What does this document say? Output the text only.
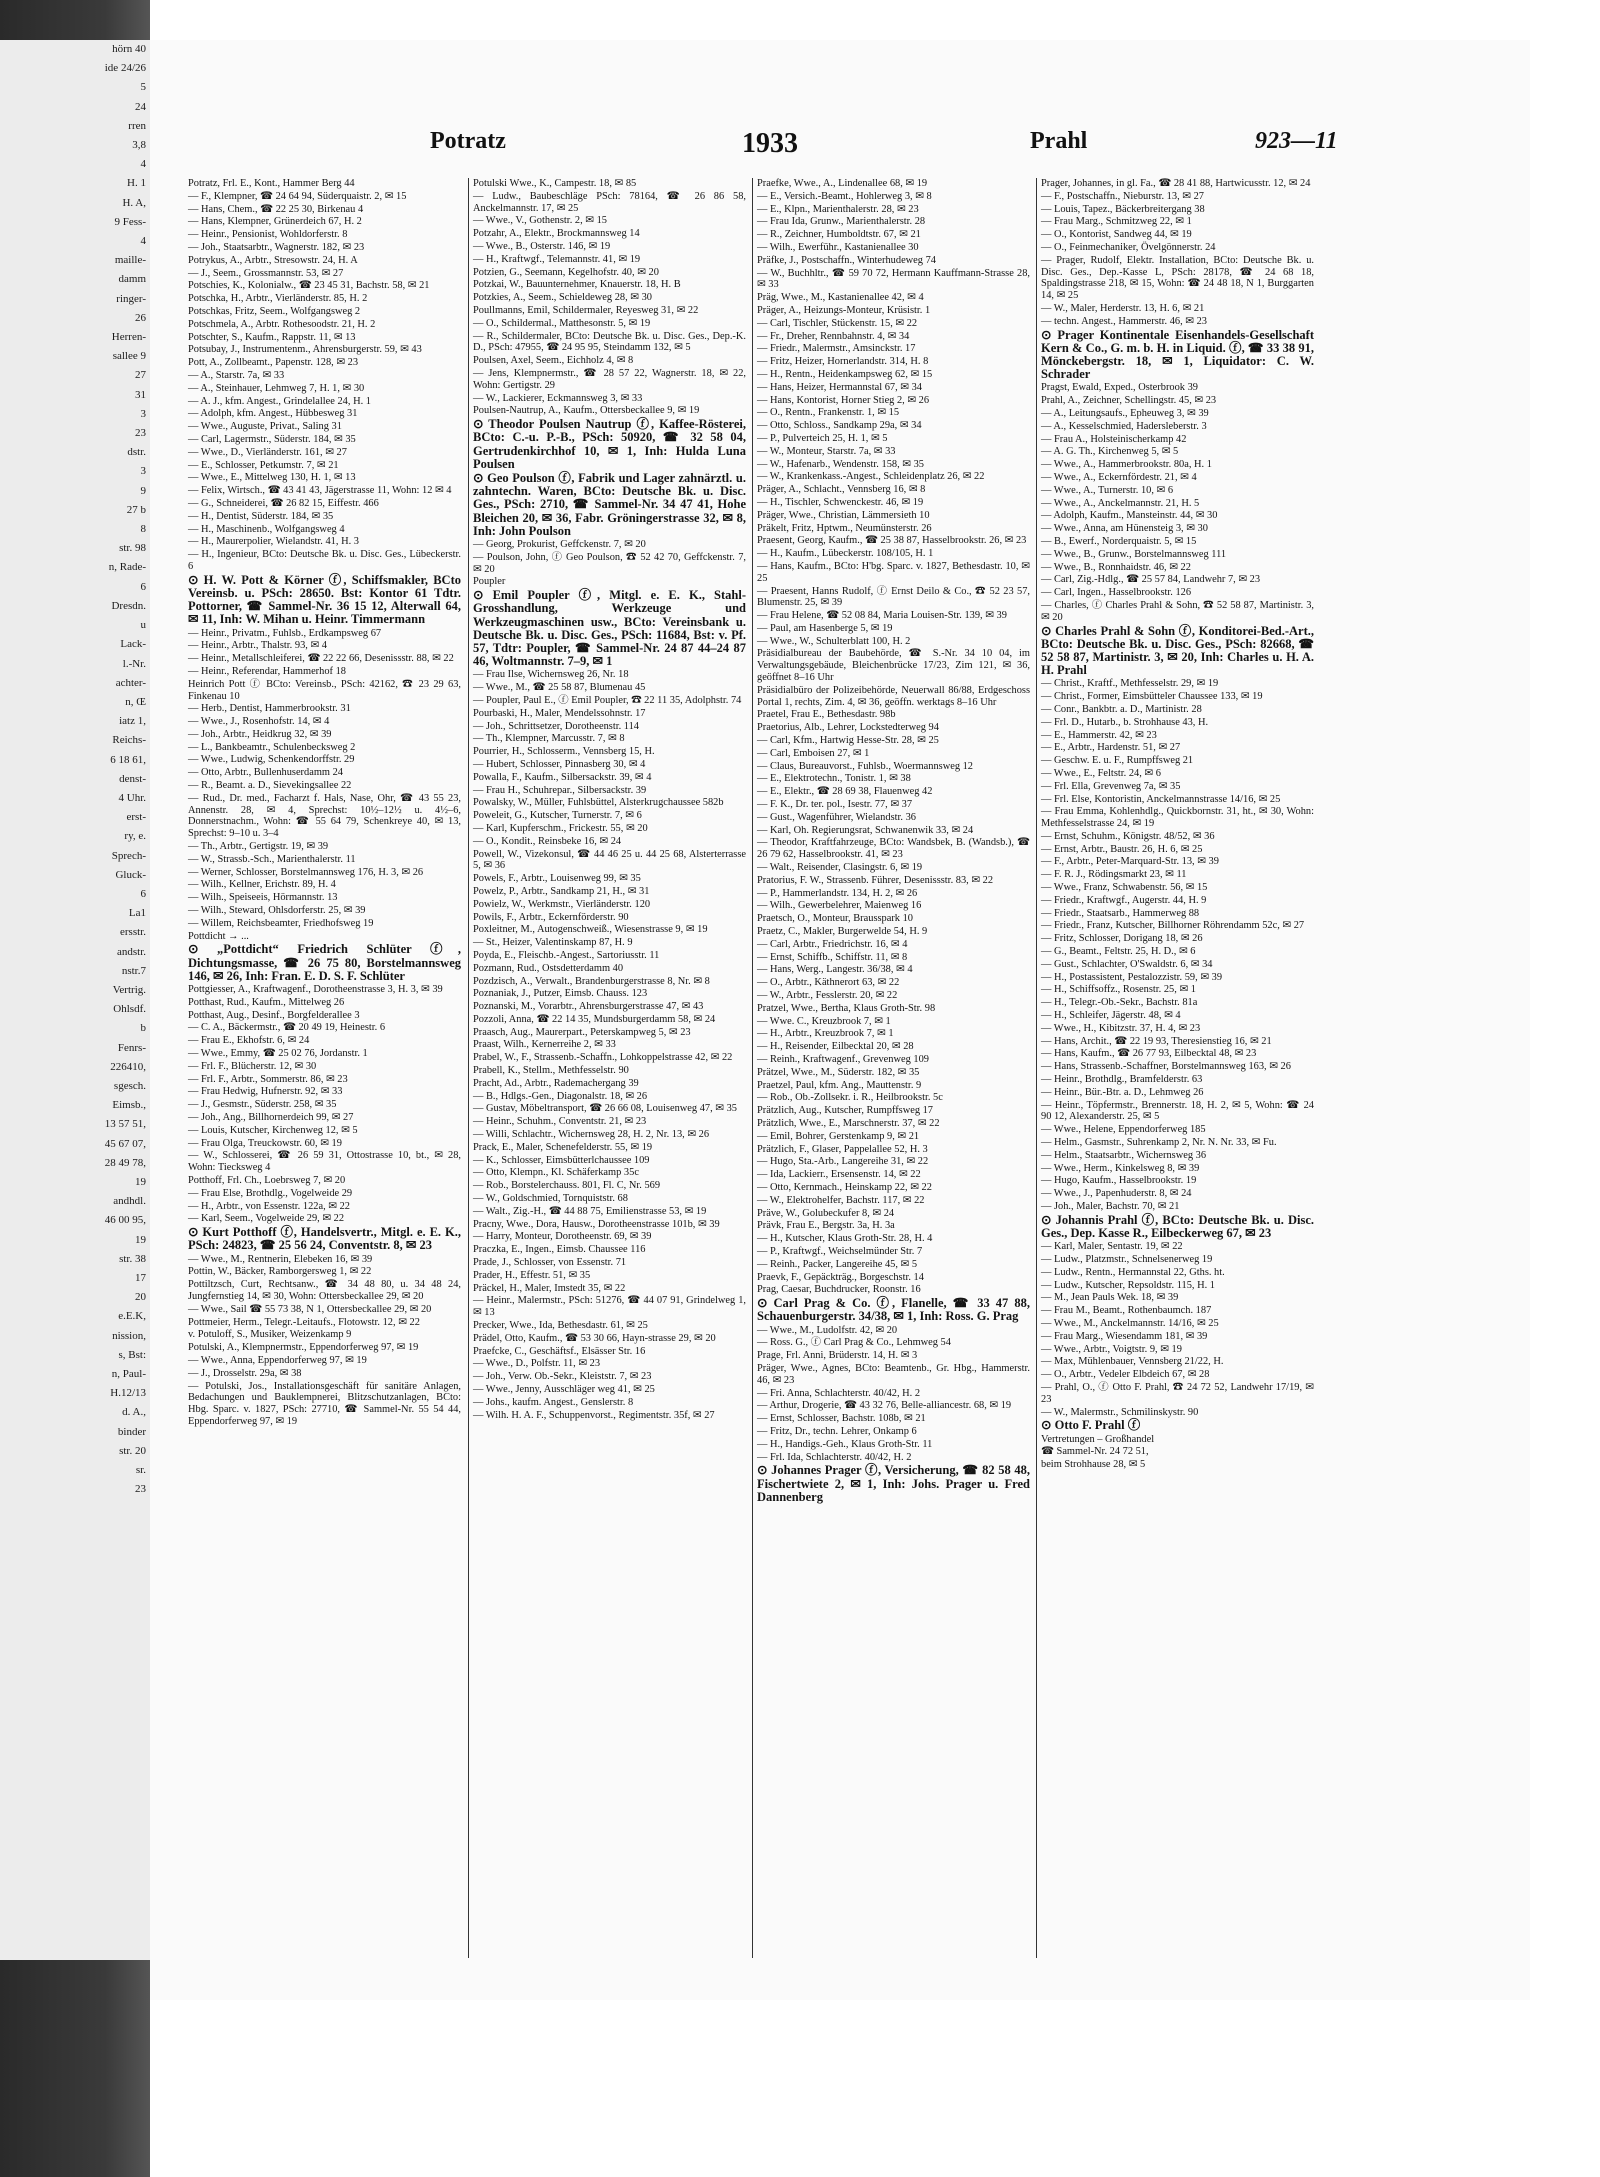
hörn 40
ide 24/26
5
24
rren
3,8
4
H. 1
H. A,
9 Fess-
4
maille-
damm
ringer-
26
Herren-
sallee 9
27
31
3
23
dstr.
3
9
27 b
8
str. 98
n, Rade-
6
Dresdn.
u
Lack-
l.-Nr.
achter-
n, Œ
iatz 1,
Reichs-
6 18 61,
denst-
4 Uhr.
erst-
ry, e.
Sprech-
Gluck-
6
La1
ersstr.
andstr.
nstr.7
Vertrig.
Ohlsdf.
b
Fenrs-
226410,
sgesch.
Eimsb.,
13 57 51,
45 67 07,
28 49 78,
19
andhdl.
46 00 95,
19
str. 38
17
20
e.E.K,
nission,
s, Bst:
n, Paul-
H.12/13
d. A.,
binder
str. 20
sr.
23
Potratz	1933	Prahl	923—11
Potratz, Frl. E., Kont., Hammer Berg 44
— F., Klempner, ☎ 24 64 94, Süderquaistr. 2, ✉ 15
— Hans, Chem., ☎ 22 25 30, Birkenau 4
— Hans, Klempner, Grünerdeich 67, H. 2
— Heinr., Pensionist, Wohldorferstr. 8
— Joh., Staatsarbtr., Wagnerstr. 182, ✉ 23
Potrykus, A., Arbtr., Stresowstr. 24, H. A
— J., Seem., Grossmannstr. 53, ✉ 27
Potschies, K., Kolonialw., ☎ 23 45 31, Bachstr. 58, ✉ 21
Potschka, H., Arbtr., Vierländerstr. 85, H. 2
Potschkas, Fritz, Seem., Wolfgangsweg 2
Potschmela, A., Arbtr. Rothesoodstr. 21, H. 2
Potschter, S., Kaufm., Rappstr. 11, ✉ 13
Potsubay, J., Instrumentenm., Ahrensburgerstr. 59, ✉ 43
Pott, A., Zollbeamt., Papenstr. 128, ✉ 23
— A., Starstr. 7a, ✉ 33
— A., Steinhauer, Lehmweg 7, H. 1, ✉ 30
— A. J., kfm. Angest., Grindelallee 24, H. 1
— Adolph, kfm. Angest., Hübbesweg 31
— Wwe., Auguste, Privat., Saling 31
— Carl, Lagermstr., Süderstr. 184, ✉ 35
— Wwe., D., Vierländerstr. 161, ✉ 27
— E., Schlosser, Petkumstr. 7, ✉ 21
— Wwe., E., Mittelweg 130, H. 1, ✉ 13
— Felix, Wirtsch., ☎ 43 41 43, Jägerstrasse 11, Wohn: 12 ✉ 4
— G., Schneiderei, ☎ 26 82 15, Eiffestr. 466
— H., Dentist, Süderstr. 184, ✉ 35
— H., Maschinenb., Wolfgangsweg 4
— H., Maurerpolier, Wielandstr. 41, H. 3
— H., Ingenieur, BCto: Deutsche Bk. u. Disc. Ges., Lübeckerstr. 6
⊙ H. W. Pott & Körner ⓕ, Schiffsmakler, BCto Vereinsb. u. PSch: 28650. Bst: Kontor 61 Tdtr. Pottorner, ☎ Sammel-Nr. 36 15 12, Alterwall 64, ✉ 11, Inh: W. Mihan u. Heinr. Timmermann
— Heinr., Privatm., Fuhlsb., Erdkampsweg 67
— Heinr., Arbtr., Thalstr. 93, ✉ 4
— Heinr., Metallschleiferei, ☎ 22 22 66, Desenissstr. 88, ✉ 22
— Heinr., Referendar, Hammerhof 18
Heinrich Pott ⓕ BCto: Vereinsb., PSch: 42162, ☎ 23 29 63, Finkenau 10
— Herb., Dentist, Hammerbrookstr. 31
— Wwe., J., Rosenhofstr. 14, ✉ 4
— Joh., Arbtr., Heidkrug 32, ✉ 39
— L., Bankbeamtr., Schulenbecksweg 2
— Wwe., Ludwig, Schenkendorffstr. 29
— Otto, Arbtr., Bullenhuserdamm 24
— R., Beamt. a. D., Sievekingsallee 22
— Rud., Dr. med., Facharzt f. Hals, Nase, Ohr, ☎ 43 55 23, Annenstr. 28, ✉ 4, Sprechst: 10½–12½ u. 4½–6, Donnerstnachm., Wohn: ☎ 55 64 79, Schenkreye 40, ✉ 13, Sprechst: 9–10 u. 3–4
— Th., Arbtr., Gertigstr. 19, ✉ 39
— W., Strassb.-Sch., Marienthalerstr. 11
— Werner, Schlosser, Borstelmannsweg 176, H. 3, ✉ 26
— Wilh., Kellner, Erichstr. 89, H. 4
— Wilh., Speiseeis, Hörmannstr. 13
— Wilh., Steward, Ohlsdorferstr. 25, ✉ 39
— Willem, Reichsbeamter, Friedhofsweg 19
Pottdicht → ...
⊙ „Pottdicht“ Friedrich Schlüter ⓕ, Dichtungsmasse, ☎ 26 75 80, Borstelmannsweg 146, ✉ 26, Inh: Fran. E. D. S. F. Schlüter
Pottgiesser, A., Kraftwagenf., Dorotheenstrasse 3, H. 3, ✉ 39
Potthast, Rud., Kaufm., Mittelweg 26
Potthast, Aug., Desinf., Borgfelderallee 3
— C. A., Bäckermstr., ☎ 20 49 19, Heinestr. 6
— Frau E., Ekhofstr. 6, ✉ 24
— Wwe., Emmy, ☎ 25 02 76, Jordanstr. 1
— Frl. F., Blücherstr. 12, ✉ 30
— Frl. F., Arbtr., Sommerstr. 86, ✉ 23
— Frau Hedwig, Hufnerstr. 92, ✉ 33
— J., Gesmstr., Süderstr. 258, ✉ 35
— Joh., Ang., Billhornerdeich 99, ✉ 27
— Louis, Kutscher, Kirchenweg 12, ✉ 5
— Frau Olga, Treuckowstr. 60, ✉ 19
— W., Schlosserei, ☎ 26 59 31, Ottostrasse 10, bt., ✉ 28, Wohn: Tiecksweg 4
Potthoff, Frl. Ch., Loebrsweg 7, ✉ 20
— Frau Else, Brothdlg., Vogelweide 29
— H., Arbtr., von Essenstr. 122a, ✉ 22
— Karl, Seem., Vogelweide 29, ✉ 22
⊙ Kurt Potthoff ⓕ, Handelsvertr., Mitgl. e. E. K., PSch: 24823, ☎ 25 56 24, Conventstr. 8, ✉ 23
— Wwe., M., Rentnerin, Elebeken 16, ✉ 39
Pottin, W., Bäcker, Ramborgersweg 1, ✉ 22
Pottiltzsch, Curt, Rechtsanw., ☎ 34 48 80, u. 34 48 24, Jungfernstieg 14, ✉ 30, Wohn: Ottersbeckallee 29, ✉ 20
— Wwe., Sail ☎ 55 73 38, N 1, Ottersbeckallee 29, ✉ 20
Pottmeier, Herm., Telegr.-Leitaufs., Flotowstr. 12, ✉ 22
v. Potuloff, S., Musiker, Weizenkamp 9
Potulski, A., Klempnermstr., Eppendorferweg 97, ✉ 19
— Wwe., Anna, Eppendorferweg 97, ✉ 19
— J., Drosselstr. 29a, ✉ 38
— Potulski, Jos., Installationsgeschäft für sanitäre Anlagen, Bedachungen und Bauklempnerei, Blitzschutzanlagen, BCto: Hbg. Sparc. v. 1827, PSch: 27710, ☎ Sammel-Nr. 55 54 44, Eppendorferweg 97, ✉ 19
Potulski Wwe., K., Campestr. 18, ✉ 85
— Ludw., Baubeschläge PSch: 78164, ☎ 26 86 58, Anckelmannstr. 17, ✉ 25
— Wwe., V., Gothenstr. 2, ✉ 15
Potzahr, A., Elektr., Brockmannsweg 14
— Wwe., B., Osterstr. 146, ✉ 19
— H., Kraftwgf., Telemannstr. 41, ✉ 19
Potzien, G., Seemann, Kegelhofstr. 40, ✉ 20
Potzkai, W., Bauunternehmer, Knauerstr. 18, H. B
Potzkies, A., Seem., Schieldeweg 28, ✉ 30
Poullmanns, Emil, Schildermaler, Reyesweg 31, ✉ 22
— O., Schildermal., Matthesonstr. 5, ✉ 19
— R., Schildermaler, BCto: Deutsche Bk. u. Disc. Ges., Dep.-K. D., PSch: 47955, ☎ 24 95 95, Steindamm 132, ✉ 5
Poulsen, Axel, Seem., Eichholz 4, ✉ 8
— Jens, Klempnermstr., ☎ 28 57 22, Wagnerstr. 18, ✉ 22, Wohn: Gertigstr. 29
— W., Lackierer, Eckmannsweg 3, ✉ 33
Poulsen-Nautrup, A., Kaufm., Ottersbeckallee 9, ✉ 19
⊙ Theodor Poulsen Nautrup ⓕ, Kaffee-Rösterei, BCto: C.-u. P.-B., PSch: 50920, ☎ 32 58 04, Gertrudenkirchhof 10, ✉ 1, Inh: Hulda Luna Poulsen
⊙ Geo Poulson ⓕ, Fabrik und Lager zahnärztl. u. zahntechn. Waren, BCto: Deutsche Bk. u. Disc. Ges., PSch: 2710, ☎ Sammel-Nr. 34 47 41, Hohe Bleichen 20, ✉ 36, Fabr. Gröningerstrasse 32, ✉ 8, Inh: John Poulson
— Georg, Prokurist, Geffckenstr. 7, ✉ 20
— Poulson, John, ⓕ Geo Poulson, ☎ 52 42 70, Geffckenstr. 7, ✉ 20
Poupler
⊙ Emil Poupler ⓕ, Mitgl. e. E. K., Stahl-Grosshandlung, Werkzeuge und Werkzeugmaschinen usw., BCto: Vereinsbank u. Deutsche Bk. u. Disc. Ges., PSch: 11684, Bst: v. Pf. 57, Tdtr: Poupler, ☎ Sammel-Nr. 24 87 44–24 87 46, Woltmannstr. 7–9, ✉ 1
— Frau Ilse, Wichernsweg 26, Nr. 18
— Wwe., M., ☎ 25 58 87, Blumenau 45
— Poupler, Paul E., ⓕ Emil Poupler, ☎ 22 11 35, Adolphstr. 74
Pourbaski, H., Maler, Mendelssohnstr. 17
— Joh., Schrittsetzer, Dorotheenstr. 114
— Th., Klempner, Marcusstr. 7, ✉ 8
Pourrier, H., Schlosserm., Vennsberg 15, H.
— Hubert, Schlosser, Pinnasberg 30, ✉ 4
Powalla, F., Kaufm., Silbersackstr. 39, ✉ 4
— Frau H., Schuhrepar., Silbersackstr. 39
Powalsky, W., Müller, Fuhlsbüttel, Alsterkrugchaussee 582b
Poweleit, G., Kutscher, Turnerstr. 7, ✉ 6
— Karl, Kupferschm., Frickestr. 55, ✉ 20
— O., Kondit., Reinsbeke 16, ✉ 24
Powell, W., Vizekonsul, ☎ 44 46 25 u. 44 25 68, Alsterterrasse 5, ✉ 36
Powels, F., Arbtr., Louisenweg 99, ✉ 35
Powelz, P., Arbtr., Sandkamp 21, H., ✉ 31
Powielz, W., Werkmstr., Vierländerstr. 120
Powils, F., Arbtr., Eckernförderstr. 90
Poxleitner, M., Autogenschweiß., Wiesenstrasse 9, ✉ 19
— St., Heizer, Valentinskamp 87, H. 9
Poyda, E., Fleischb.-Angest., Sartoriusstr. 11
Pozmann, Rud., Ostsdetterdamm 40
Pozdzisch, A., Verwalt., Brandenburgerstrasse 8, Nr. ✉ 8
Poznaniak, J., Putzer, Eimsb. Chauss. 123
Poznanski, M., Vorarbtr., Ahrensburgerstrasse 47, ✉ 43
Pozzoli, Anna, ☎ 22 14 35, Mundsburgerdamm 58, ✉ 24
Praasch, Aug., Maurerpart., Peterskampweg 5, ✉ 23
Praast, Wilh., Kernerreihe 2, ✉ 33
Prabel, W., F., Strassenb.-Schaffn., Lohkoppelstrasse 42, ✉ 22
Prabell, K., Stellm., Methfesselstr. 90
Pracht, Ad., Arbtr., Rademachergang 39
— B., Hdlgs.-Gen., Diagonalstr. 18, ✉ 26
— Gustav, Möbeltransport, ☎ 26 66 08, Louisenweg 47, ✉ 35
— Heinr., Schuhm., Conventstr. 21, ✉ 23
— Willi, Schlachtr., Wichernsweg 28, H. 2, Nr. 13, ✉ 26
Prack, E., Maler, Schenefelderstr. 55, ✉ 19
— K., Schlosser, Eimsbütterlchaussee 109
— Otto, Klempn., Kl. Schäferkamp 35c
— Rob., Borstelerchauss. 801, Fl. C, Nr. 569
— W., Goldschmied, Tornquiststr. 68
— Walt., Zig.-H., ☎ 44 88 75, Emilienstrasse 53, ✉ 19
Pracny, Wwe., Dora, Hausw., Dorotheenstrasse 101b, ✉ 39
— Harry, Monteur, Dorotheenstr. 69, ✉ 39
Praczka, E., Ingen., Eimsb. Chaussee 116
Prade, J., Schlosser, von Essenstr. 71
Prader, H., Effestr. 51, ✉ 35
Präckel, H., Maler, Imstedt 35, ✉ 22
— Heinr., Malermstr., PSch: 51276, ☎ 44 07 91, Grindelweg 1, ✉ 13
Precker, Wwe., Ida, Bethesdastr. 61, ✉ 25
Prädel, Otto, Kaufm., ☎ 53 30 66, Hayn-strasse 29, ✉ 20
Praefcke, C., Geschäftsf., Elsässer Str. 16
— Wwe., D., Polfstr. 11, ✉ 23
— Joh., Verw. Ob.-Sekr., Kleiststr. 7, ✉ 23
— Wwe., Jenny, Ausschläger weg 41, ✉ 25
— Johs., kaufm. Angest., Genslerstr. 8
— Wilh. H. A. F., Schuppenvorst., Regimentstr. 35f, ✉ 27
Praefke, Wwe., A., Lindenallee 68, ✉ 19
— E., Versich.-Beamt., Hohlerweg 3, ✉ 8
— E., Klpn., Marienthalerstr. 28, ✉ 23
— Frau Ida, Grunw., Marienthalerstr. 28
— R., Zeichner, Humboldtstr. 67, ✉ 21
— Wilh., Ewerführ., Kastanienallee 30
Präfke, J., Postschaffn., Winterhudeweg 74
— W., Buchhltr., ☎ 59 70 72, Hermann Kauffmann-Strasse 28, ✉ 33
Präg, Wwe., M., Kastanienallee 42, ✉ 4
Präger, A., Heizungs-Monteur, Krüsistr. 1
— Carl, Tischler, Stückenstr. 15, ✉ 22
— Fr., Dreher, Rennbahnstr. 4, ✉ 34
— Friedr., Malermstr., Amsinckstr. 17
— Fritz, Heizer, Hornerlandstr. 314, H. 8
— H., Rentn., Heidenkampsweg 62, ✉ 15
— Hans, Heizer, Hermannstal 67, ✉ 34
— Hans, Kontorist, Horner Stieg 2, ✉ 26
— O., Rentn., Frankenstr. 1, ✉ 15
— Otto, Schloss., Sandkamp 29a, ✉ 34
— P., Pulverteich 25, H. 1, ✉ 5
— W., Monteur, Starstr. 7a, ✉ 33
— W., Hafenarb., Wendenstr. 158, ✉ 35
— W., Krankenkass.-Angest., Schleidenplatz 26, ✉ 22
Präger, A., Schlacht., Vennsberg 16, ✉ 8
— H., Tischler, Schwenckestr. 46, ✉ 19
Präger, Wwe., Christian, Lämmersieth 10
Präkelt, Fritz, Hptwm., Neumünsterstr. 26
Praesent, Georg, Kaufm., ☎ 25 38 87, Hasselbrookstr. 26, ✉ 23
— H., Kaufm., Lübeckerstr. 108/105, H. 1
— Hans, Kaufm., BCto: H'bg. Sparc. v. 1827, Bethesdastr. 10, ✉ 25
— Praesent, Hanns Rudolf, ⓕ Ernst Deilo & Co., ☎ 52 23 57, Blumenstr. 25, ✉ 39
— Frau Helene, ☎ 52 08 84, Maria Louisen-Str. 139, ✉ 39
— Paul, am Hasenberge 5, ✉ 19
— Wwe., W., Schulterblatt 100, H. 2
Präsidialbureau der Baubehörde, ☎ S.-Nr. 34 10 04, im Verwaltungsgebäude, Bleichenbrücke 17/23, Zim 121, ✉ 36, geöffnet 8–16 Uhr
Präsidialbüro der Polizeibehörde, Neuerwall 86/88, Erdgeschoss Portal 1, rechts, Zim. 4, ✉ 36, geöffn. werktags 8–16 Uhr
Praetel, Frau E., Bethesdastr. 98b
Praetorius, Alb., Lehrer, Lockstedterweg 94
— Carl, Kfm., Hartwig Hesse-Str. 28, ✉ 25
— Carl, Emboisen 27, ✉ 1
— Claus, Bureauvorst., Fuhlsb., Woermannsweg 12
— E., Elektrotechn., Tonistr. 1, ✉ 38
— E., Elektr., ☎ 28 69 38, Flauenweg 42
— F. K., Dr. ter. pol., Isestr. 77, ✉ 37
— Gust., Wagenführer, Wielandstr. 36
— Karl, Oh. Regierungsrat, Schwanenwik 33, ✉ 24
— Theodor, Kraftfahrzeuge, BCto: Wandsbek, B. (Wandsb.), ☎ 26 79 62, Hasselbrookstr. 41, ✉ 23
— Walt., Reisender, Clasingstr. 6, ✉ 19
Pratorius, F. W., Strassenb. Führer, Desenissstr. 83, ✉ 22
— P., Hammerlandstr. 134, H. 2, ✉ 26
— Wilh., Gewerbelehrer, Maienweg 16
Praetsch, O., Monteur, Brausspark 10
Praetz, C., Makler, Burgerwelde 54, H. 9
— Carl, Arbtr., Friedrichstr. 16, ✉ 4
— Ernst, Schiffb., Schiffstr. 11, ✉ 8
— Hans, Werg., Langestr. 36/38, ✉ 4
— O., Arbtr., Käthnerort 63, ✉ 22
— W., Arbtr., Fesslerstr. 20, ✉ 22
Pratzel, Wwe., Bertha, Klaus Groth-Str. 98
— Wwe. C., Kreuzbrook 7, ✉ 1
— H., Arbtr., Kreuzbrook 7, ✉ 1
— H., Reisender, Eilbecktal 20, ✉ 28
— Reinh., Kraftwagenf., Grevenweg 109
Prätzel, Wwe., M., Süderstr. 182, ✉ 35
Praetzel, Paul, kfm. Ang., Mauttenstr. 9
— Rob., Ob.-Zollsekr. i. R., Heilbrookstr. 5c
Prätzlich, Aug., Kutscher, Rumpffsweg 17
Prätzlich, Wwe., E., Marschnerstr. 37, ✉ 22
— Emil, Bohrer, Gerstenkamp 9, ✉ 21
Prätzlich, F., Glaser, Pappelallee 52, H. 3
— Hugo, Sta.-Arb., Langereihe 31, ✉ 22
— Ida, Lackierr., Ersensenstr. 14, ✉ 22
— Otto, Kernmach., Heinskamp 22, ✉ 22
— W., Elektrohelfer, Bachstr. 117, ✉ 22
Präve, W., Golubeckufer 8, ✉ 24
Prävk, Frau E., Bergstr. 3a, H. 3a
— H., Kutscher, Klaus Groth-Str. 28, H. 4
— P., Kraftwgf., Weichselmünder Str. 7
— Reinh., Packer, Langereihe 45, ✉ 5
Praevk, F., Gepäckträg., Borgeschstr. 14
Prag, Caesar, Buchdrucker, Roonstr. 16
⊙ Carl Prag & Co. ⓕ, Flanelle, ☎ 33 47 88, Schauenburgerstr. 34/38, ✉ 1, Inh: Ross. G. Prag
— Wwe., M., Ludolfstr. 42, ✉ 20
— Ross. G., ⓕ Carl Prag & Co., Lehmweg 54
Prage, Frl. Anni, Brüderstr. 14, H. ✉ 3
Präger, Wwe., Agnes, BCto: Beamtenb., Gr. Hbg., Hammerstr. 46, ✉ 23
— Fri. Anna, Schlachterstr. 40/42, H. 2
— Arthur, Drogerie, ☎ 43 32 76, Belle-alliancestr. 68, ✉ 19
— Ernst, Schlosser, Bachstr. 108b, ✉ 21
— Fritz, Dr., techn. Lehrer, Onkamp 6
— H., Handigs.-Geh., Klaus Groth-Str. 11
— Frl. Ida, Schlachterstr. 40/42, H. 2
⊙ Johannes Prager ⓕ, Versicherung, ☎ 82 58 48, Fischertwiete 2, ✉ 1, Inh: Johs. Prager u. Fred Dannenberg
Prager, Johannes, in gl. Fa., ☎ 28 41 88, Hartwicusstr. 12, ✉ 24
— F., Postschaffn., Nieburstr. 13, ✉ 27
— Louis, Tapez., Bäckerbreitergang 38
— Frau Marg., Schmitzweg 22, ✉ 1
— O., Kontorist, Sandweg 44, ✉ 19
— O., Feinmechaniker, Övelgönnerstr. 24
— Prager, Rudolf, Elektr. Installation, BCto: Deutsche Bk. u. Disc. Ges., Dep.-Kasse L, PSch: 28178, ☎ 24 68 18, Spaldingstrasse 218, ✉ 15, Wohn: ☎ 24 48 18, N 1, Burggarten 14, ✉ 25
— W., Maler, Herderstr. 13, H. 6, ✉ 21
— techn. Angest., Hammerstr. 46, ✉ 23
⊙ Prager Kontinentale Eisenhandels-Gesellschaft Kern & Co., G. m. b. H. in Liquid. ⓕ, ☎ 33 38 91, Mönckebergstr. 18, ✉ 1, Liquidator: C. W. Schrader
Pragst, Ewald, Exped., Osterbrook 39
Prahl, A., Zeichner, Schellingstr. 45, ✉ 23
— A., Leitungsaufs., Epheuweg 3, ✉ 39
— A., Kesselschmied, Hadersleberstr. 3
— Frau A., Holsteinischerkamp 42
— A. G. Th., Kirchenweg 5, ✉ 5
— Wwe., A., Hammerbrookstr. 80a, H. 1
— Wwe., A., Eckernfördestr. 21, ✉ 4
— Wwe., A., Turnerstr. 10, ✉ 6
— Wwe., A., Anckelmannstr. 21, H. 5
— Adolph, Kaufm., Mansteinstr. 44, ✉ 30
— Wwe., Anna, am Hünensteig 3, ✉ 30
— B., Ewerf., Norderquaistr. 5, ✉ 15
— Wwe., B., Grunw., Borstelmannsweg 111
— Wwe., B., Ronnhaidstr. 46, ✉ 22
— Carl, Zig.-Hdlg., ☎ 25 57 84, Landwehr 7, ✉ 23
— Carl, Ingen., Hasselbrookstr. 126
— Charles, ⓕ Charles Prahl & Sohn, ☎ 52 58 87, Martinistr. 3, ✉ 20
⊙ Charles Prahl & Sohn ⓕ, Konditorei-Bed.-Art., BCto: Deutsche Bk. u. Disc. Ges., PSch: 82668, ☎ 52 58 87, Martinistr. 3, ✉ 20, Inh: Charles u. H. A. H. Prahl
— Christ., Kraftf., Methfesselstr. 29, ✉ 19
— Christ., Former, Eimsbütteler Chaussee 133, ✉ 19
— Conr., Bankbtr. a. D., Martinistr. 28
— Frl. D., Hutarb., b. Strohhause 43, H.
— E., Hammerstr. 42, ✉ 23
— E., Arbtr., Hardenstr. 51, ✉ 27
— Geschw. E. u. F., Rumpffsweg 21
— Wwe., E., Feltstr. 24, ✉ 6
— Frl. Ella, Grevenweg 7a, ✉ 35
— Frl. Else, Kontoristin, Anckelmannstrasse 14/16, ✉ 25
— Frau Emma, Kohlenhdlg., Quickbornstr. 31, ht., ✉ 30, Wohn: Methfesselstrasse 24, ✉ 19
— Ernst, Schuhm., Königstr. 48/52, ✉ 36
— Ernst, Arbtr., Baustr. 26, H. 6, ✉ 25
— F., Arbtr., Peter-Marquard-Str. 13, ✉ 39
— F. R. J., Rödingsmarkt 23, ✉ 11
— Wwe., Franz, Schwabenstr. 56, ✉ 15
— Friedr., Kraftwgf., Augerstr. 44, H. 9
— Friedr., Staatsarb., Hammerweg 88
— Friedr., Franz, Kutscher, Billhorner Röhrendamm 52c, ✉ 27
— Fritz, Schlosser, Dorigang 18, ✉ 26
— G., Beamt., Feltstr. 25, H. D., ✉ 6
— Gust., Schlachter, O'Swaldstr. 6, ✉ 34
— H., Postassistent, Pestalozzistr. 59, ✉ 39
— H., Schiffsoffz., Rosenstr. 25, ✉ 1
— H., Telegr.-Ob.-Sekr., Bachstr. 81a
— H., Schleifer, Jägerstr. 48, ✉ 4
— Wwe., H., Kibitzstr. 37, H. 4, ✉ 23
— Hans, Archit., ☎ 22 19 93, Theresienstieg 16, ✉ 21
— Hans, Kaufm., ☎ 26 77 93, Eilbecktal 48, ✉ 23
— Hans, Strassenb.-Schaffner, Borstelmannsweg 163, ✉ 26
— Heinr., Brothdlg., Bramfelderstr. 63
— Heinr., Bür.-Btr. a. D., Lehmweg 26
— Heinr., Töpfermstr., Brennerstr. 18, H. 2, ✉ 5, Wohn: ☎ 24 90 12, Alexanderstr. 25, ✉ 5
— Wwe., Helene, Eppendorferweg 185
— Helm., Gasmstr., Suhrenkamp 2, Nr. N. Nr. 33, ✉ Fu.
— Helm., Staatsarbtr., Wichernsweg 36
— Wwe., Herm., Kinkelsweg 8, ✉ 39
— Hugo, Kaufm., Hasselbrookstr. 19
— Wwe., J., Papenhuderstr. 8, ✉ 24
— Joh., Maler, Bachstr. 70, ✉ 21
⊙ Johannis Prahl ⓕ, BCto: Deutsche Bk. u. Disc. Ges., Dep. Kasse R., Eilbeckerweg 67, ✉ 23
— Karl, Maler, Sentastr. 19, ✉ 22
— Ludw., Platzmstr., Schnelsenerweg 19
— Ludw., Rentn., Hermannstal 22, Gths. ht.
— Ludw., Kutscher, Repsoldstr. 115, H. 1
— M., Jean Pauls Wek. 18, ✉ 39
— Frau M., Beamt., Rothenbaumch. 187
— Wwe., M., Anckelmannstr. 14/16, ✉ 25
— Frau Marg., Wiesendamm 181, ✉ 39
— Wwe., Arbtr., Voigtstr. 9, ✉ 19
— Max, Mühlenbauer, Vennsberg 21/22, H.
— O., Arbtr., Vedeler Elbdeich 67, ✉ 28
— Prahl, O., ⓕ Otto F. Prahl, ☎ 24 72 52, Landwehr 17/19, ✉ 23
— W., Malermstr., Schmilinskystr. 90
⊙ Otto F. Prahl ⓕ
Vertretungen – Großhandel
☎ Sammel-Nr. 24 72 51,
beim Strohhause 28, ✉ 5
